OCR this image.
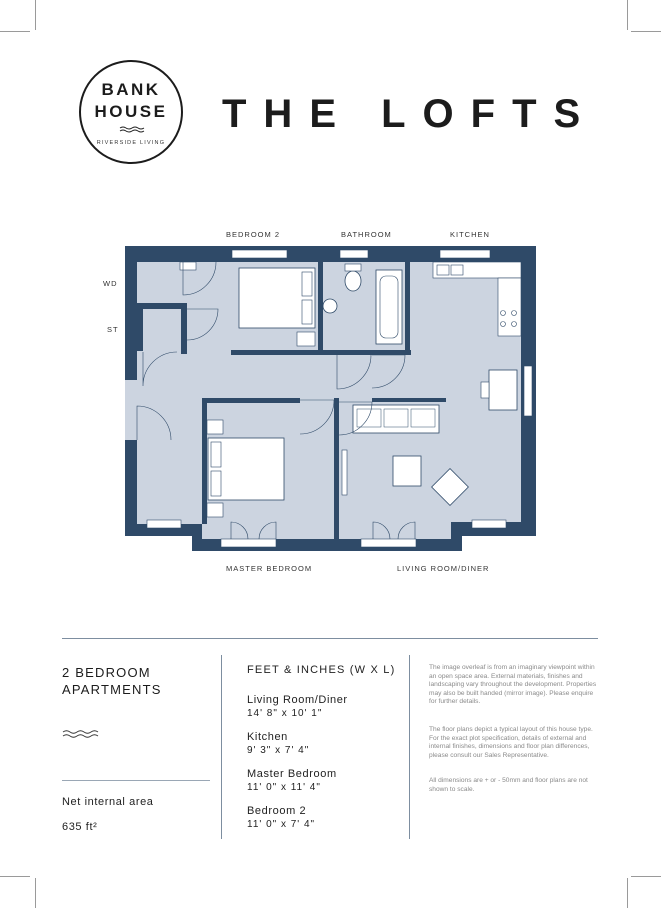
BANK
HOUSE
RIVERSIDE LIVING
THE LOFTS
BEDROOM 2	BATHROOM	KITCHEN
WD
ST
MASTER BEDROOM	LIVING ROOM/DINER
2 BEDROOM
APARTMENTS
Net internal area
635 ft²
FEET & INCHES (W X L)
Living Room/Diner
14' 8" x 10' 1"
Kitchen
9' 3" x 7' 4"
Master Bedroom
11' 0" x 11' 4"
Bedroom 2
11' 0" x 7' 4"
The image overleaf is from an imaginary viewpoint within an open space area. External materials, finishes and landscaping vary throughout the development. Properties may also be built handed (mirror image). Please enquire for further details.
The floor plans depict a typical layout of this house type. For the exact plot specification, details of external and internal finishes, dimensions and floor plan differences, please consult our Sales Representative.
All dimensions are + or - 50mm and floor plans are not shown to scale.
